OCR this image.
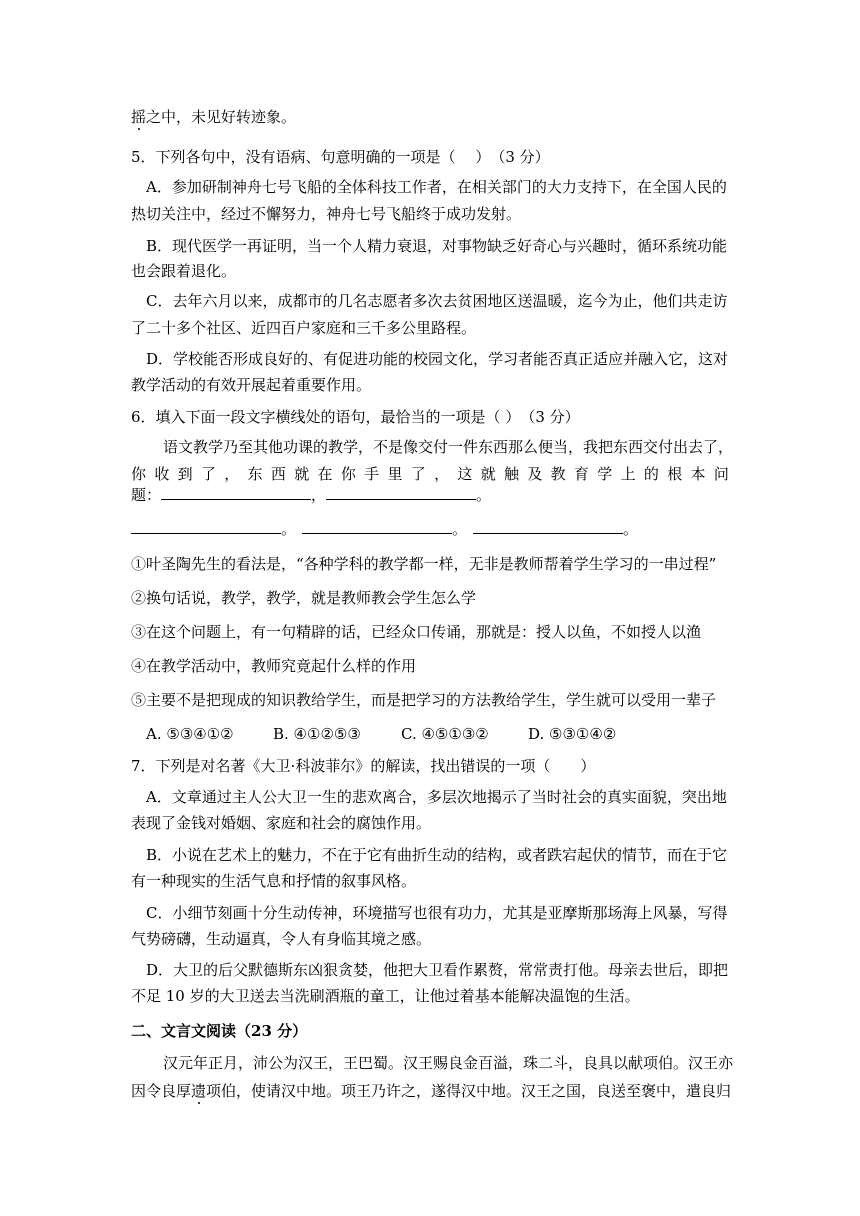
摇之中，未见好转迹象。
5．下列各句中，没有语病、句意明确的一项是（　 ）　（3 分）
A．参加研制神舟七号飞船的全体科技工作者，在相关部门的大力支持下，在全国人民的
热切关注中，经过不懈努力，神舟七号飞船终于成功发射。
B．现代医学一再证明，当一个人精力衰退，对事物缺乏好奇心与兴趣时，循环系统功能
也会跟着退化。
C．去年六月以来，成都市的几名志愿者多次去贫困地区送温暖，迄今为止，他们共走访
了二十多个社区、近四百户家庭和三千多公里路程。
D．学校能否形成良好的、有促进功能的校园文化，学习者能否真正适应并融入它，这对
教学活动的有效开展起着重要作用。
6．填入下面一段文字横线处的语句，最恰当的一项是（ ）　（3 分）
语文教学乃至其他功课的教学，不是像交付一件东西那么便当，我把东西交付出去了，
你 收 到 了 ， 东 西 就 在 你 手 里 了 ， 这 就 触 及 教 育 学 上 的 根 本 问
题：	，	。
。	。	。
①叶圣陶先生的看法是，“各种学科的教学都一样，无非是教师帮着学生学习的一串过程”
②换句话说，教学，教学，就是教师教会学生怎么学
③在这个问题上，有一句精辟的话，已经众口传诵，那就是：授人以鱼，不如授人以渔
④在教学活动中，教师究竟起什么样的作用
⑤主要不是把现成的知识教给学生，而是把学习的方法教给学生，学生就可以受用一辈子
A. ⑤③④①②	B. ④①②⑤③	C. ④⑤①③②	D. ⑤③①④②
7．下列是对名著《大卫·科波菲尔》的解读，找出错误的一项（　　）
A．文章通过主人公大卫一生的悲欢离合，多层次地揭示了当时社会的真实面貌，突出地
表现了金钱对婚姻、家庭和社会的腐蚀作用。
B．小说在艺术上的魅力，不在于它有曲折生动的结构，或者跌宕起伏的情节，而在于它
有一种现实的生活气息和抒情的叙事风格。
C．小细节刻画十分生动传神，环境描写也很有功力，尤其是亚摩斯那场海上风暴，写得
气势磅礴，生动逼真，令人有身临其境之感。
D．大卫的后父默德斯东凶狠贪婪，他把大卫看作累赘，常常责打他。母亲去世后，即把
不足 10 岁的大卫送去当洗刷酒瓶的童工，让他过着基本能解决温饱的生活。
二、文言文阅读（23 分）
汉元年正月，沛公为汉王，王巴蜀。汉王赐良金百溢，珠二斗，良具以献项伯。汉王亦
因令良厚遗项伯，使请汉中地。项王乃许之，遂得汉中地。汉王之国，良送至褒中，遣良归
